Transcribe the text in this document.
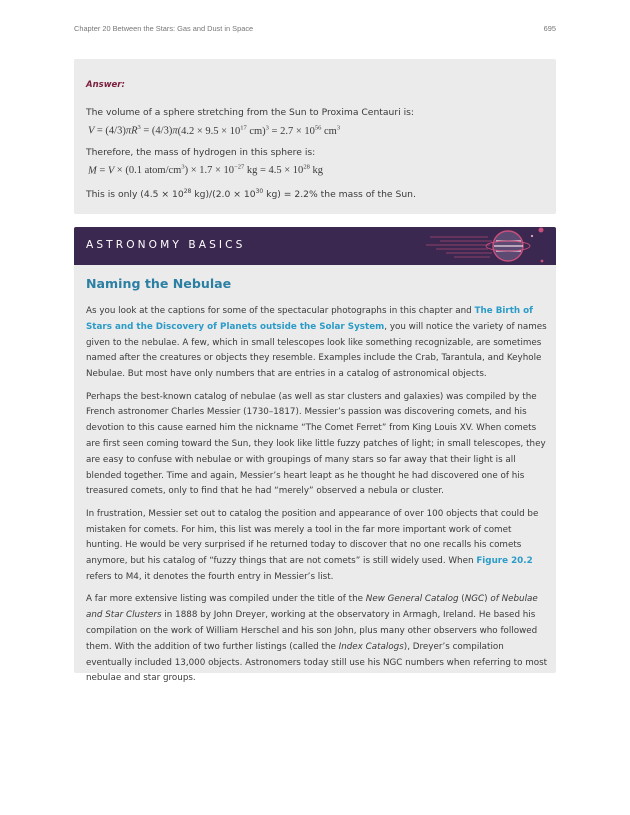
Chapter 20 Between the Stars: Gas and Dust in Space	695
Answer:

The volume of a sphere stretching from the Sun to Proxima Centauri is:

$V = (4/3)\pi R^3 = (4/3)\pi(4.2 \times 9.5 \times 10^{17}$ $cm)^3 = 2.7 \times 10^{56}$ $cm^3$

Therefore, the mass of hydrogen in this sphere is:

M = V × (0.1 atom/$cm^3) \times 1.7 \times 10^{-27}$ kg = $4.5 \times 10^{28}$ kg

This is only ($4.5 \times 10^{28}$ $kg)/(2.0 \times 10^{30}$ kg) = 2.2% the mass of the Sun.

ASTRONOMY BASICS
Naming the Nebulae

As you look at the captions for some of the spectacular photographs in this chapter and The Birth of Stars and the Discovery of Planets outside the Solar System, you will notice the variety of names given to the nebulae. A few, which in small telescopes look like something recognizable, are sometimes named after the creatures or objects they resemble. Examples include the Crab, Tarantula, and Keyhole Nebulae. But most have only numbers that are entries in a catalog of astronomical objects.

Perhaps the best-known catalog of nebulae (as well as star clusters and galaxies) was compiled by the French astronomer Charles Messier (1730–1817). Messier’s passion was discovering comets, and his devotion to this cause earned him the nickname “The Comet Ferret” from King Louis XV. When comets are first seen coming toward the Sun, they look like little fuzzy patches of light; in small telescopes, they are easy to confuse with nebulae or with groupings of many stars so far away that their light is all blended together. Time and again, Messier’s heart leapt as he thought he had discovered one of his treasured comets, only to find that he had “merely” observed a nebula or cluster.

In frustration, Messier set out to catalog the position and appearance of over 100 objects that could be mistaken for comets. For him, this list was merely a tool in the far more important work of comet hunting. He would be very surprised if he returned today to discover that no one recalls his comets anymore, but his catalog of “fuzzy things that are not comets” is still widely used. When Figure 20.2
refers to M4, it denotes the fourth entry in Messier’s list.

A far more extensive listing was compiled under the title of the New General Catalog (NGC) of Nebulae and Star Clusters in 1888 by John Dreyer, working at the observatory in Armagh, Ireland. He based his compilation on the work of William Herschel and his son John, plus many other observers who followed them. With the addition of two further listings (called the Index Catalogs), Dreyer’s compilation eventually included 13,000 objects. Astronomers today still use his NGC numbers when referring to most nebulae and star groups.
